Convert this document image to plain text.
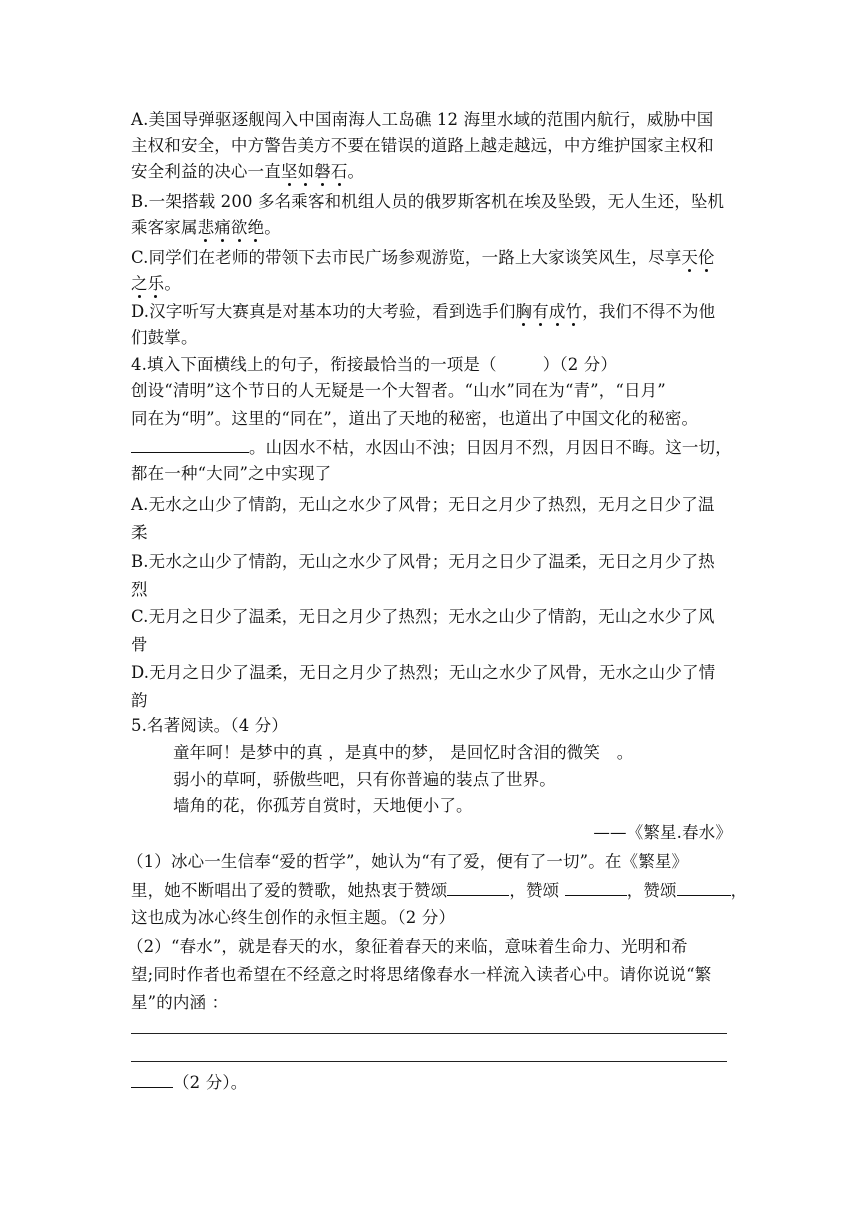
A.美国导弹驱逐舰闯入中国南海人工岛礁 12 海里水域的范围内航行，威胁中国
主权和安全，中方警告美方不要在错误的道路上越走越远，中方维护国家主权和
安全利益的决心一直坚如磐石。
B.一架搭载 200 多名乘客和机组人员的俄罗斯客机在埃及坠毁，无人生还，坠机
乘客家属悲痛欲绝。
C.同学们在老师的带领下去市民广场参观游览，一路上大家谈笑风生，尽享天伦
之乐。
D.汉字听写大赛真是对基本功的大考验，看到选手们胸有成竹，我们不得不为他
们鼓掌。
4.填入下面横线上的句子，衔接最恰当的一项是（	）（2 分）
创设“清明”这个节日的人无疑是一个大智者。“山水”同在为“青”，“日月”
同在为“明”。这里的“同在”，道出了天地的秘密，也道出了中国文化的秘密。
。山因水不枯，水因山不浊；日因月不烈，月因日不晦。这一切，
都在一种“大同”之中实现了
A.无水之山少了情韵，无山之水少了风骨；无日之月少了热烈，无月之日少了温
柔
B.无水之山少了情韵，无山之水少了风骨；无月之日少了温柔，无日之月少了热
烈
C.无月之日少了温柔，无日之月少了热烈；无水之山少了情韵，无山之水少了风
骨
D.无月之日少了温柔，无日之月少了热烈；无山之水少了风骨，无水之山少了情
韵
5.名著阅读。（4 分）
童年呵！是梦中的真 ，是真中的梦， 是回忆时含泪的微笑　。
弱小的草呵，骄傲些吧，只有你普遍的装点了世界。
墙角的花，你孤芳自赏时，天地便小了。
——《繁星.春水》
（1）冰心一生信奉“爱的哲学”，她认为“有了爱，便有了一切”。在《繁星》
里，她不断唱出了爱的赞歌，她热衷于赞颂	，赞颂	，赞颂	，
这也成为冰心终生创作的永恒主题。（2 分）
（2）“春水”，就是春天的水，象征着春天的来临，意味着生命力、光明和希
望;同时作者也希望在不经意之时将思绪像春水一样流入读者心中。请你说说“繁
星”的内涵 ：
（2 分）。
